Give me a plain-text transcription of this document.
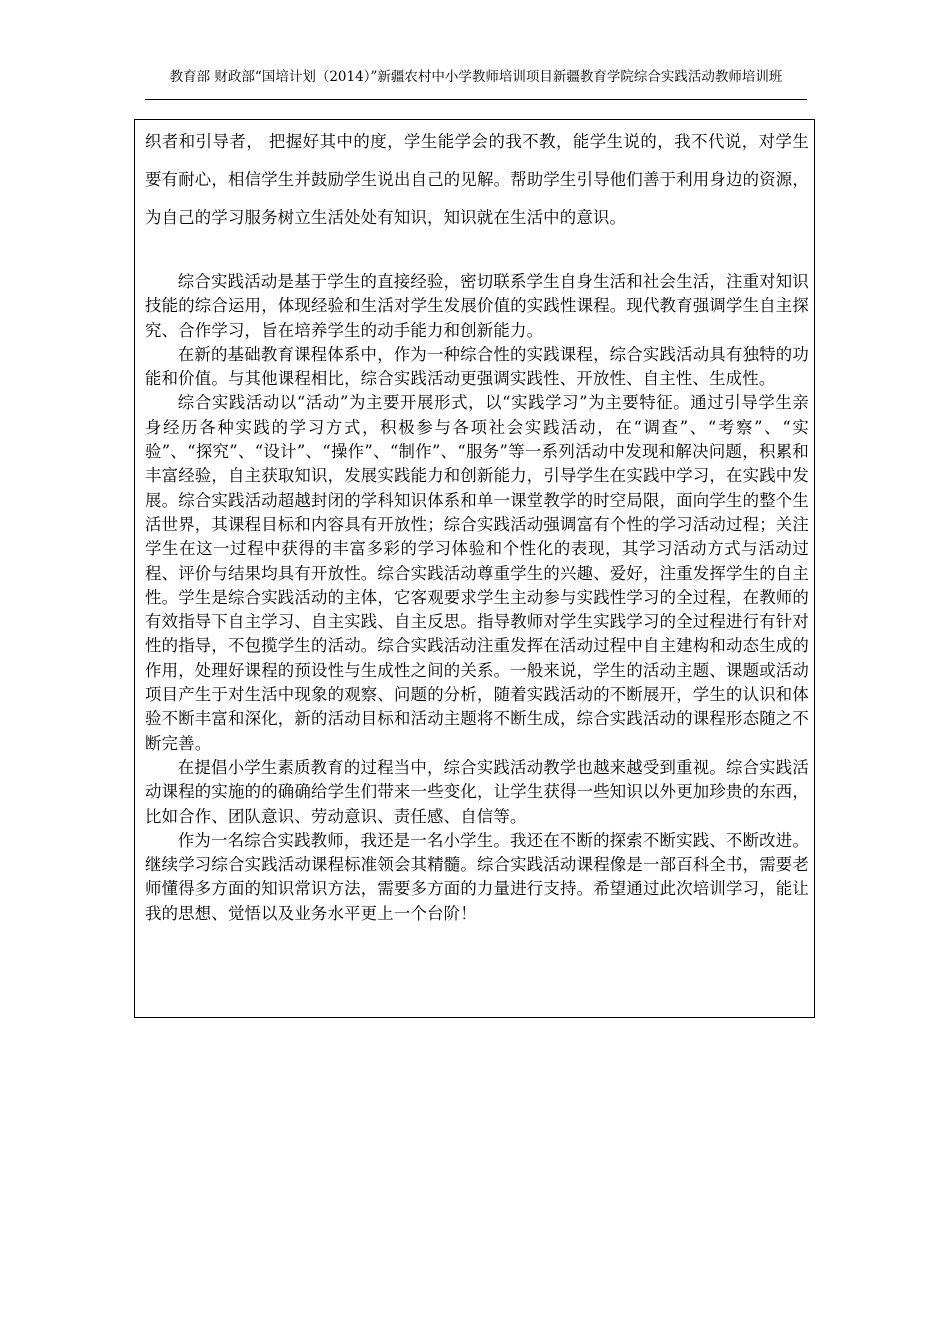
教育部 财政部“国培计划（2014）”新疆农村中小学教师培训项目新疆教育学院综合实践活动教师培训班
织者和引导者， 把握好其中的度，学生能学会的我不教，能学生说的，我不代说，对学生要有耐心，相信学生并鼓励学生说出自己的见解。帮助学生引导他们善于利用身边的资源，为自己的学习服务树立生活处处有知识，知识就在生活中的意识。

综合实践活动是基于学生的直接经验，密切联系学生自身生活和社会生活，注重对知识技能的综合运用，体现经验和生活对学生发展价值的实践性课程。现代教育强调学生自主探究、合作学习，旨在培养学生的动手能力和创新能力。

在新的基础教育课程体系中，作为一种综合性的实践课程，综合实践活动具有独特的功能和价值。与其他课程相比，综合实践活动更强调实践性、开放性、自主性、生成性。

综合实践活动以“活动”为主要开展形式，以“实践学习”为主要特征。通过引导学生亲身经历各种实践的学习方式，积极参与各项社会实践活动，在“调查”、“考察”、“实验”、“探究”、“设计”、“操作”、“制作”、“服务”等一系列活动中发现和解决问题，积累和丰富经验，自主获取知识，发展实践能力和创新能力，引导学生在实践中学习，在实践中发展。综合实践活动超越封闭的学科知识体系和单一课堂教学的时空局限，面向学生的整个生活世界，其课程目标和内容具有开放性；综合实践活动强调富有个性的学习活动过程；关注学生在这一过程中获得的丰富多彩的学习体验和个性化的表现，其学习活动方式与活动过程、评价与结果均具有开放性。综合实践活动尊重学生的兴趣、爱好，注重发挥学生的自主性。学生是综合实践活动的主体，它客观要求学生主动参与实践性学习的全过程，在教师的有效指导下自主学习、自主实践、自主反思。指导教师对学生实践学习的全过程进行有针对性的指导，不包揽学生的活动。综合实践活动注重发挥在活动过程中自主建构和动态生成的作用，处理好课程的预设性与生成性之间的关系。一般来说，学生的活动主题、课题或活动项目产生于对生活中现象的观察、问题的分析，随着实践活动的不断展开，学生的认识和体验不断丰富和深化，新的活动目标和活动主题将不断生成，综合实践活动的课程形态随之不断完善。

在提倡小学生素质教育的过程当中，综合实践活动教学也越来越受到重视。综合实践活动课程的实施的的确确给学生们带来一些变化，让学生获得一些知识以外更加珍贵的东西，比如合作、团队意识、劳动意识、责任感、自信等。

作为一名综合实践教师，我还是一名小学生。我还在不断的探索不断实践、不断改进。继续学习综合实践活动课程标准领会其精髓。综合实践活动课程像是一部百科全书，需要老师懂得多方面的知识常识方法，需要多方面的力量进行支持。希望通过此次培训学习，能让我的思想、觉悟以及业务水平更上一个台阶！
